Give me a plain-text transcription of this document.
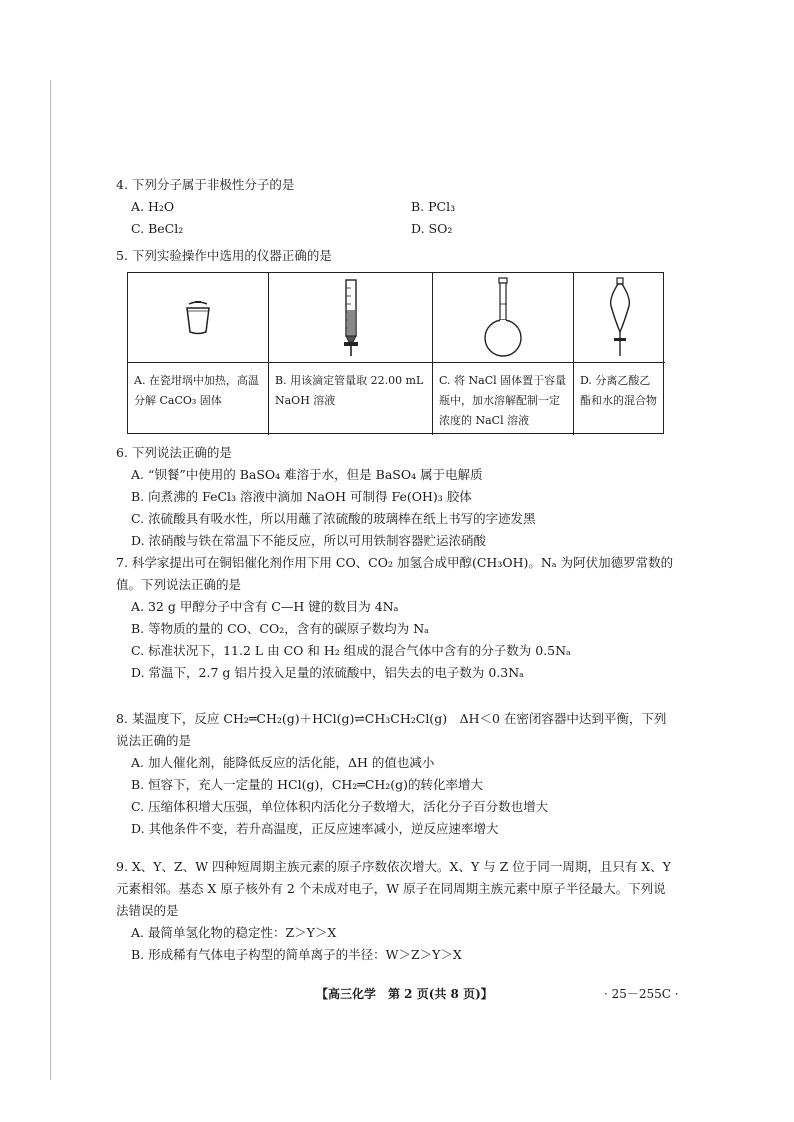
4. 下列分子属于非极性分子的是
A. H₂O	B. PCl₃
C. BeCl₂	D. SO₂
5. 下列实验操作中选用的仪器正确的是
A. 在瓷坩埚中加热，高温分解 CaCO₃ 固体
B. 用该滴定管量取 22.00 mL NaOH 溶液
C. 将 NaCl 固体置于容量瓶中，加水溶解配制一定浓度的 NaCl 溶液
D. 分离乙酸乙酯和水的混合物
6. 下列说法正确的是
A. “钡餐”中使用的 BaSO₄ 难溶于水，但是 BaSO₄ 属于电解质
B. 向煮沸的 FeCl₃ 溶液中滴加 NaOH 可制得 Fe(OH)₃ 胶体
C. 浓硫酸具有吸水性，所以用蘸了浓硫酸的玻璃棒在纸上书写的字迹发黑
D. 浓硝酸与铁在常温下不能反应，所以可用铁制容器贮运浓硝酸
7. 科学家提出可在铜铝催化剂作用下用 CO、CO₂ 加氢合成甲醇(CH₃OH)。Nₐ 为阿伏加德罗常数的值。下列说法正确的是
A. 32 g 甲醇分子中含有 C—H 键的数目为 4Nₐ
B. 等物质的量的 CO、CO₂，含有的碳原子数均为 Nₐ
C. 标准状况下，11.2 L 由 CO 和 H₂ 组成的混合气体中含有的分子数为 0.5Nₐ
D. 常温下，2.7 g 铝片投入足量的浓硫酸中，铝失去的电子数为 0.3Nₐ
8. 某温度下，反应 CH₂═CH₂(g)＋HCl(g)⇌CH₃CH₂Cl(g)　ΔH＜0 在密闭容器中达到平衡，下列说法正确的是
A. 加人催化剂，能降低反应的活化能，ΔH 的值也减小
B. 恒容下，充人一定量的 HCl(g)，CH₂═CH₂(g)的转化率增大
C. 压缩体积增大压强，单位体积内活化分子数增大，活化分子百分数也增大
D. 其他条件不变，若升高温度，正反应速率减小，逆反应速率增大
9. X、Y、Z、W 四种短周期主族元素的原子序数依次增大。X、Y 与 Z 位于同一周期，且只有 X、Y 元素相邻。基态 X 原子核外有 2 个未成对电子，W 原子在同周期主族元素中原子半径最大。下列说法错误的是
A. 最简单氢化物的稳定性：Z＞Y＞X
B. 形成稀有气体电子构型的简单离子的半径：W＞Z＞Y＞X
【高三化学　第 2 页(共 8 页)】	· 25－255C ·
